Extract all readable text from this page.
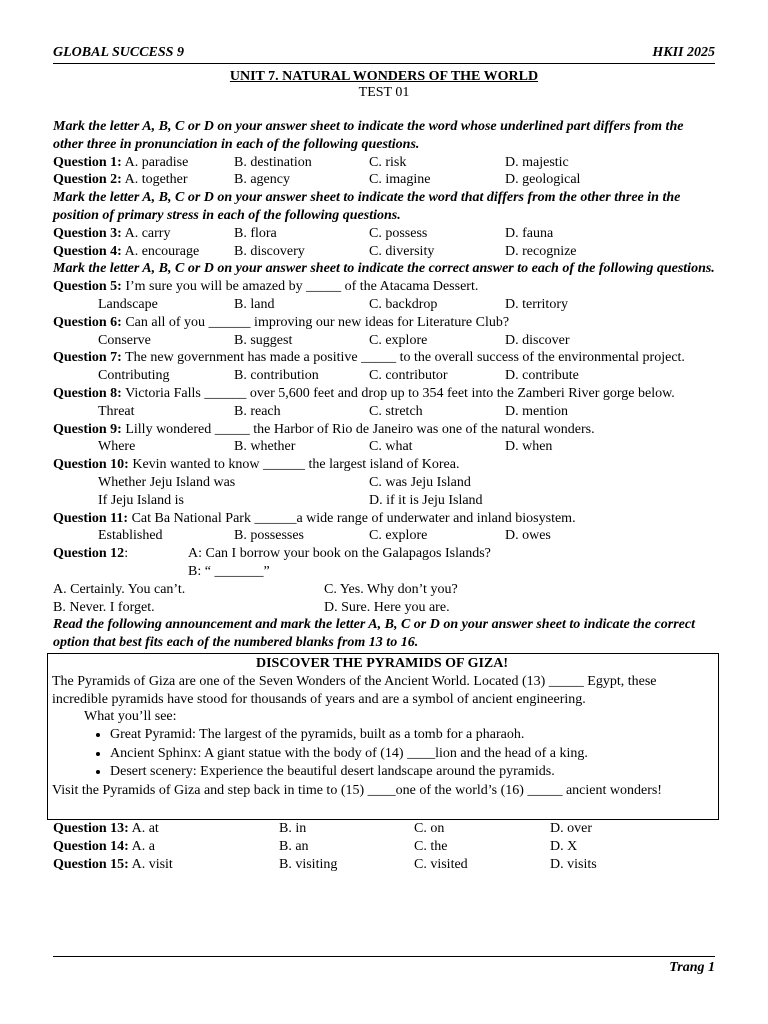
GLOBAL SUCCESS 9	HKII 2025
UNIT 7. NATURAL WONDERS OF THE WORLD
TEST 01
Mark the letter A, B, C or D on your answer sheet to indicate the word whose underlined part differs from the other three in pronunciation in each of the following questions.
Question 1: A. paradise	B. destination	C. risk	D. majestic
Question 2: A. together	B. agency	C. imagine	D. geological
Mark the letter A, B, C or D on your answer sheet to indicate the word that differs from the other three in the position of primary stress in each of the following questions.
Question 3: A. carry	B. flora	C. possess	D. fauna
Question 4: A. encourage B. discovery	C. diversity	D. recognize
Mark the letter A, B, C or D on your answer sheet to indicate the correct answer to each of the following questions.
Question 5: I’m sure you will be amazed by _____ of the Atacama Dessert.
Landscape	B. land	C. backdrop	D. territory
Question 6: Can all of you ______ improving our new ideas for Literature Club?
Conserve	B. suggest	C. explore	D. discover
Question 7: The new government has made a positive _____ to the overall success of the environmental project.
Contributing	B. contribution	C. contributor	D. contribute
Question 8: Victoria Falls ______ over 5,600 feet and drop up to 354 feet into the Zamberi River gorge below.
Threat	B. reach	C. stretch	D. mention
Question 9: Lilly wondered _____ the Harbor of Rio de Janeiro was one of the natural wonders.
Where	B. whether	C. what	D. when
Question 10: Kevin wanted to know ______ the largest island of Korea.
Whether Jeju Island was	C. was Jeju Island
If Jeju Island is	D. if it is Jeju Island
Question 11: Cat Ba National Park ______a wide range of underwater and inland biosystem.
Established	B. possesses	C. explore	D. owes
Question 12:	A: Can I borrow your book on the Galapagos Islands?
B: “ _______”
A. Certainly. You can’t.	C. Yes. Why don’t you?
B. Never. I forget.	D. Sure. Here you are.
Read the following announcement and mark the letter A, B, C or D on your answer sheet to indicate the correct option that best fits each of the numbered blanks from 13 to 16.
DISCOVER THE PYRAMIDS OF GIZA!
The Pyramids of Giza are one of the Seven Wonders of the Ancient World. Located (13) _____ Egypt, these incredible pyramids have stood for thousands of years and are a symbol of ancient engineering.
What you’ll see:
• Great Pyramid: The largest of the pyramids, built as a tomb for a pharaoh.
• Ancient Sphinx: A giant statue with the body of (14) ____lion and the head of a king.
• Desert scenery: Experience the beautiful desert landscape around the pyramids.
Visit the Pyramids of Giza and step back in time to (15) ____one of the world’s (16) _____ ancient wonders!
Question 13: A. at	B. in	C. on	D. over
Question 14: A. a	B. an	C. the	D. X
Question 15: A. visit	B. visiting	C. visited	D. visits
Trang 1
